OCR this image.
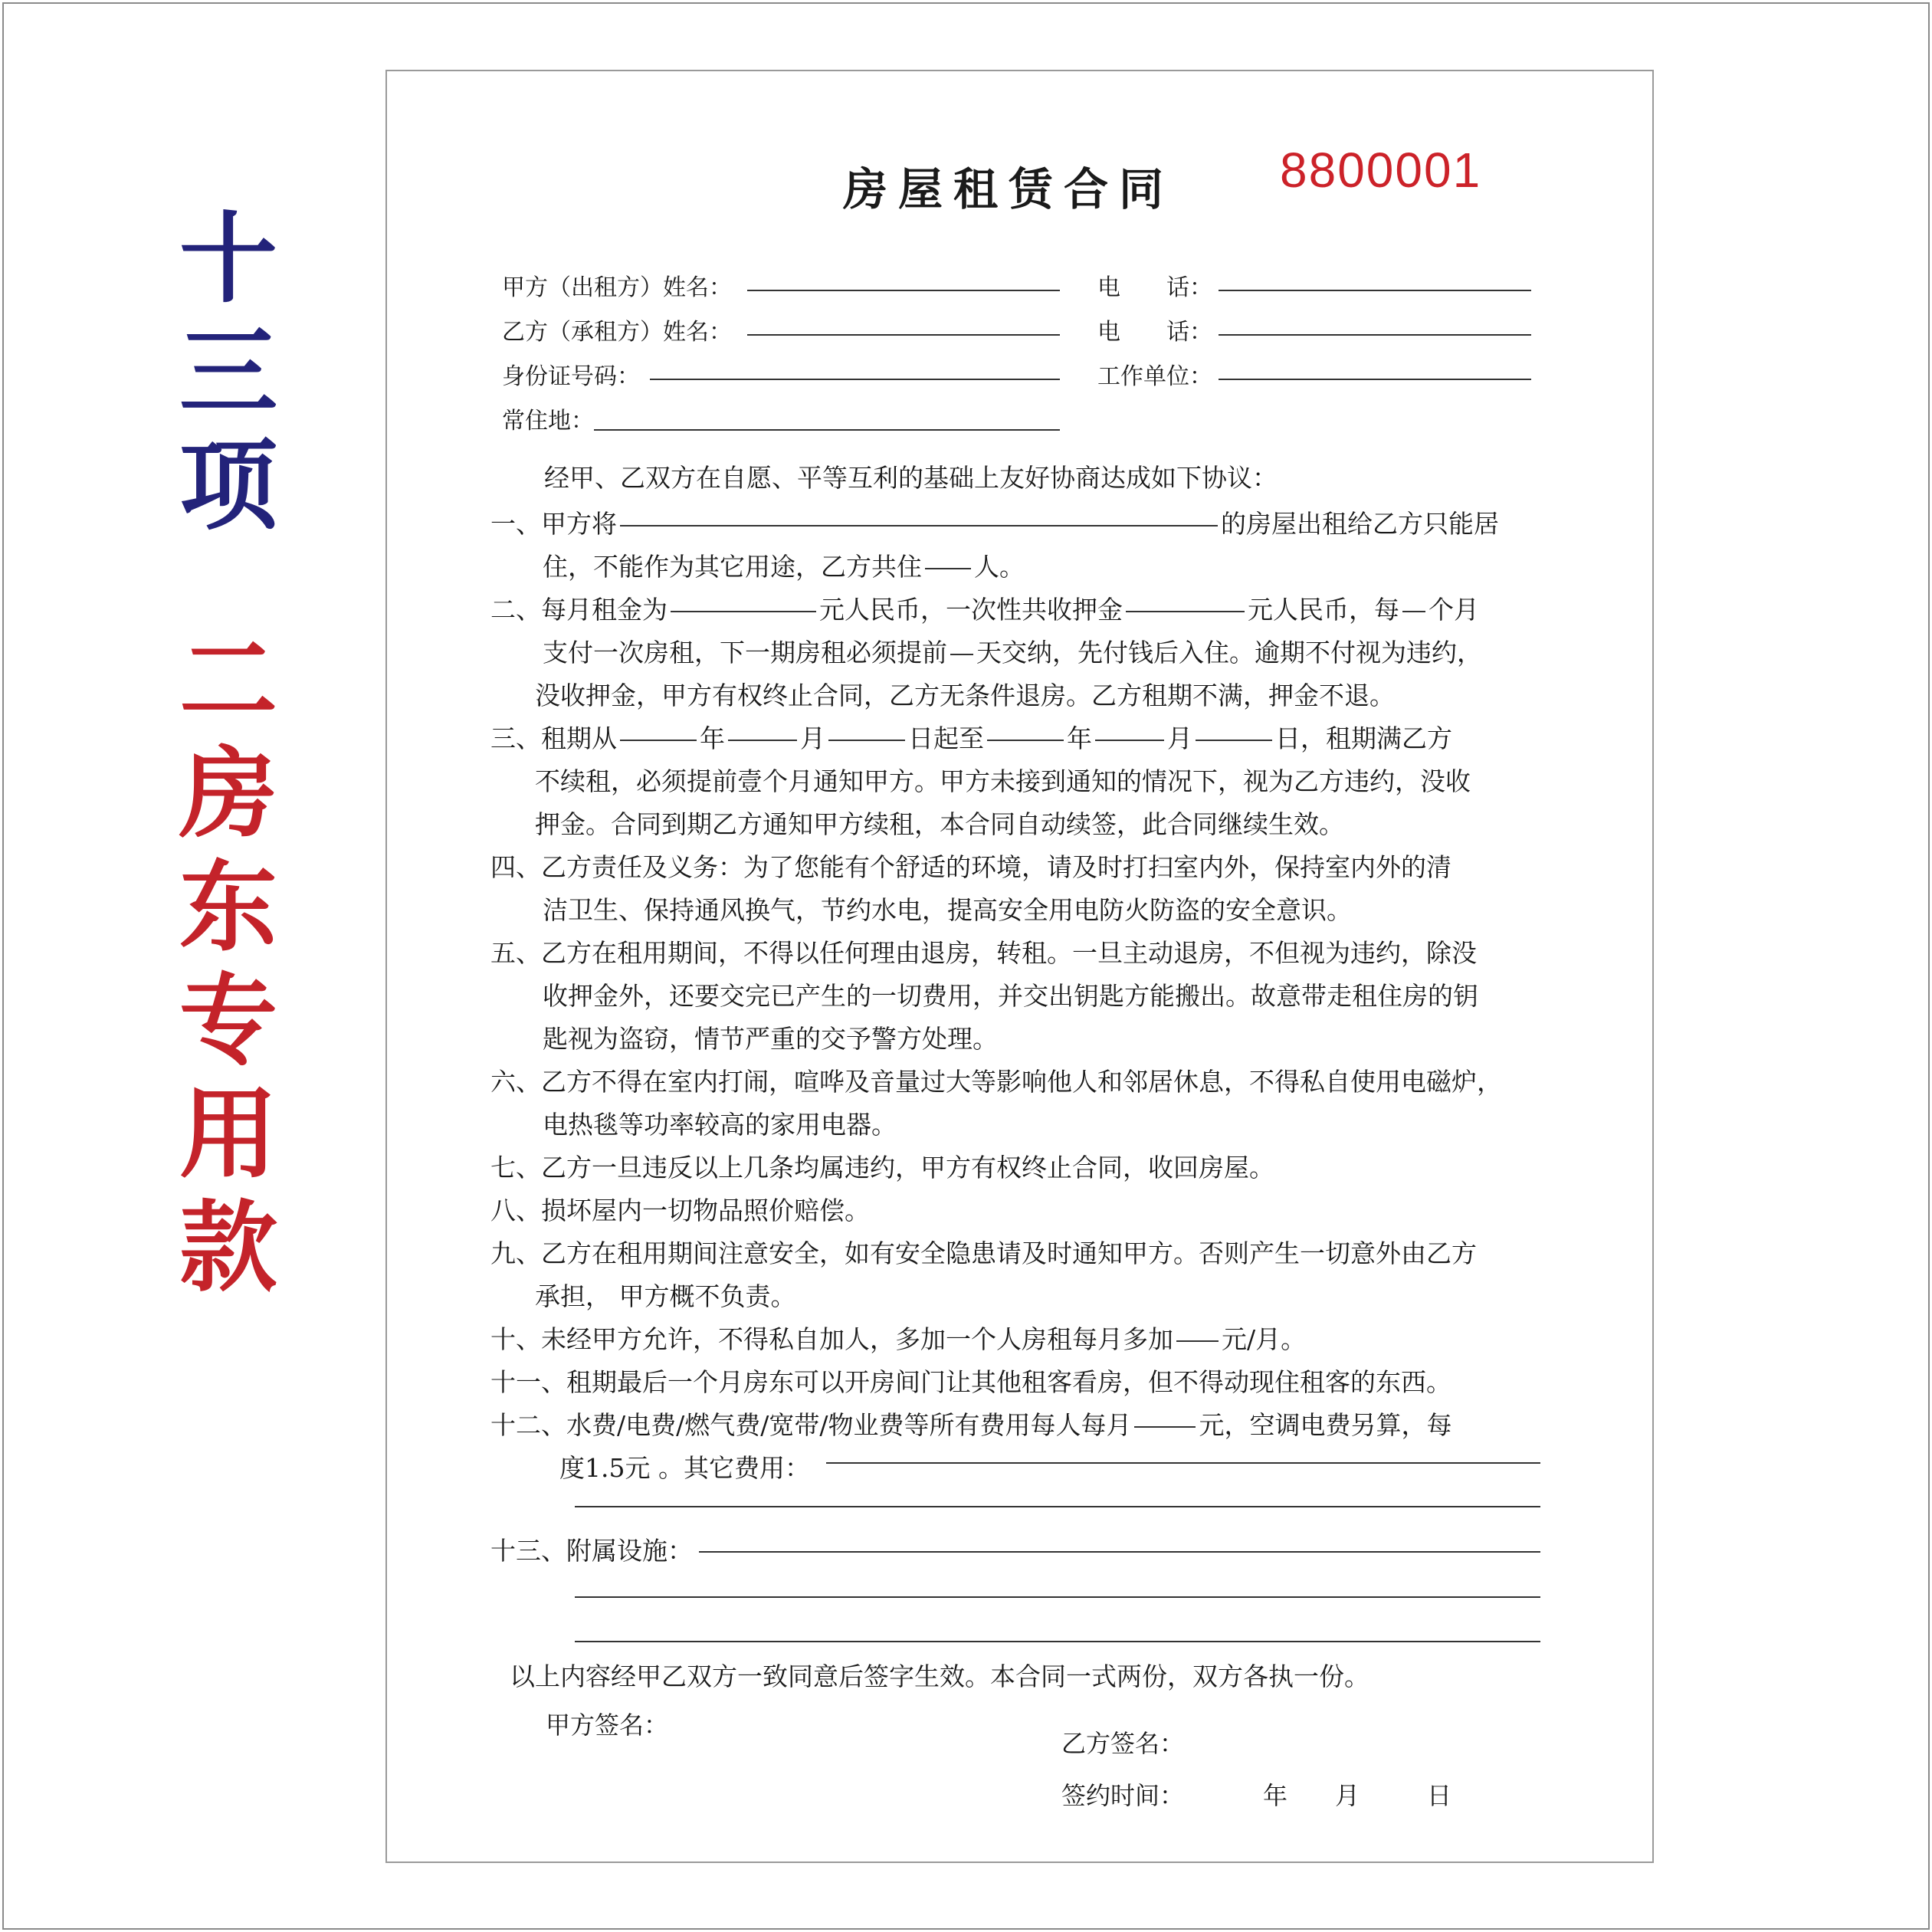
十
三
项
二
房
东
专
用
款
房屋租赁合同 8800001
甲方（出租方）姓名：	电　　话：
乙方（承租方）姓名：	电　　话：
身份证号码：	工作单位：
常住地：
经甲、乙双方在自愿、平等互利的基础上友好协商达成如下协议：
一、甲方将	的房屋出租给乙方只能居
住，不能作为其它用途，乙方共住 人。
二、每月租金为	元人民币，一次性共收押金	元人民币，每 个月
支付一次房租，下一期房租必须提前 天交纳，先付钱后入住。逾期不付视为违约，
没收押金，甲方有权终止合同，乙方无条件退房。乙方租期不满，押金不退。
三、租期从	年	月	日起至	年	月	日，租期满乙方
不续租，必须提前壹个月通知甲方。甲方未接到通知的情况下，视为乙方违约，没收
押金。合同到期乙方通知甲方续租，本合同自动续签，此合同继续生效。
四、乙方责任及义务：为了您能有个舒适的环境，请及时打扫室内外，保持室内外的清
洁卫生、保持通风换气，节约水电，提高安全用电防火防盗的安全意识。
五、乙方在租用期间，不得以任何理由退房，转租。一旦主动退房，不但视为违约，除没
收押金外，还要交完已产生的一切费用，并交出钥匙方能搬出。故意带走租住房的钥
匙视为盗窃，情节严重的交予警方处理。
六、乙方不得在室内打闹，喧哗及音量过大等影响他人和邻居休息，不得私自使用电磁炉，
电热毯等功率较高的家用电器。
七、乙方一旦违反以上几条均属违约，甲方有权终止合同，收回房屋。
八、损坏屋内一切物品照价赔偿。
九、乙方在租用期间注意安全，如有安全隐患请及时通知甲方。否则产生一切意外由乙方
承担， 甲方概不负责。
十、未经甲方允许，不得私自加人，多加一个人房租每月多加 元/月。
十一、租期最后一个月房东可以开房间门让其他租客看房，但不得动现住租客的东西。
十二、水费/电费/燃气费/宽带/物业费等所有费用每人每月	元，空调电费另算，每
度1.5元 。其它费用：
十三、附属设施：
以上内容经甲乙双方一致同意后签字生效。本合同一式两份，双方各执一份。
甲方签名：
乙方签名：
签约时间：	年 月	日
